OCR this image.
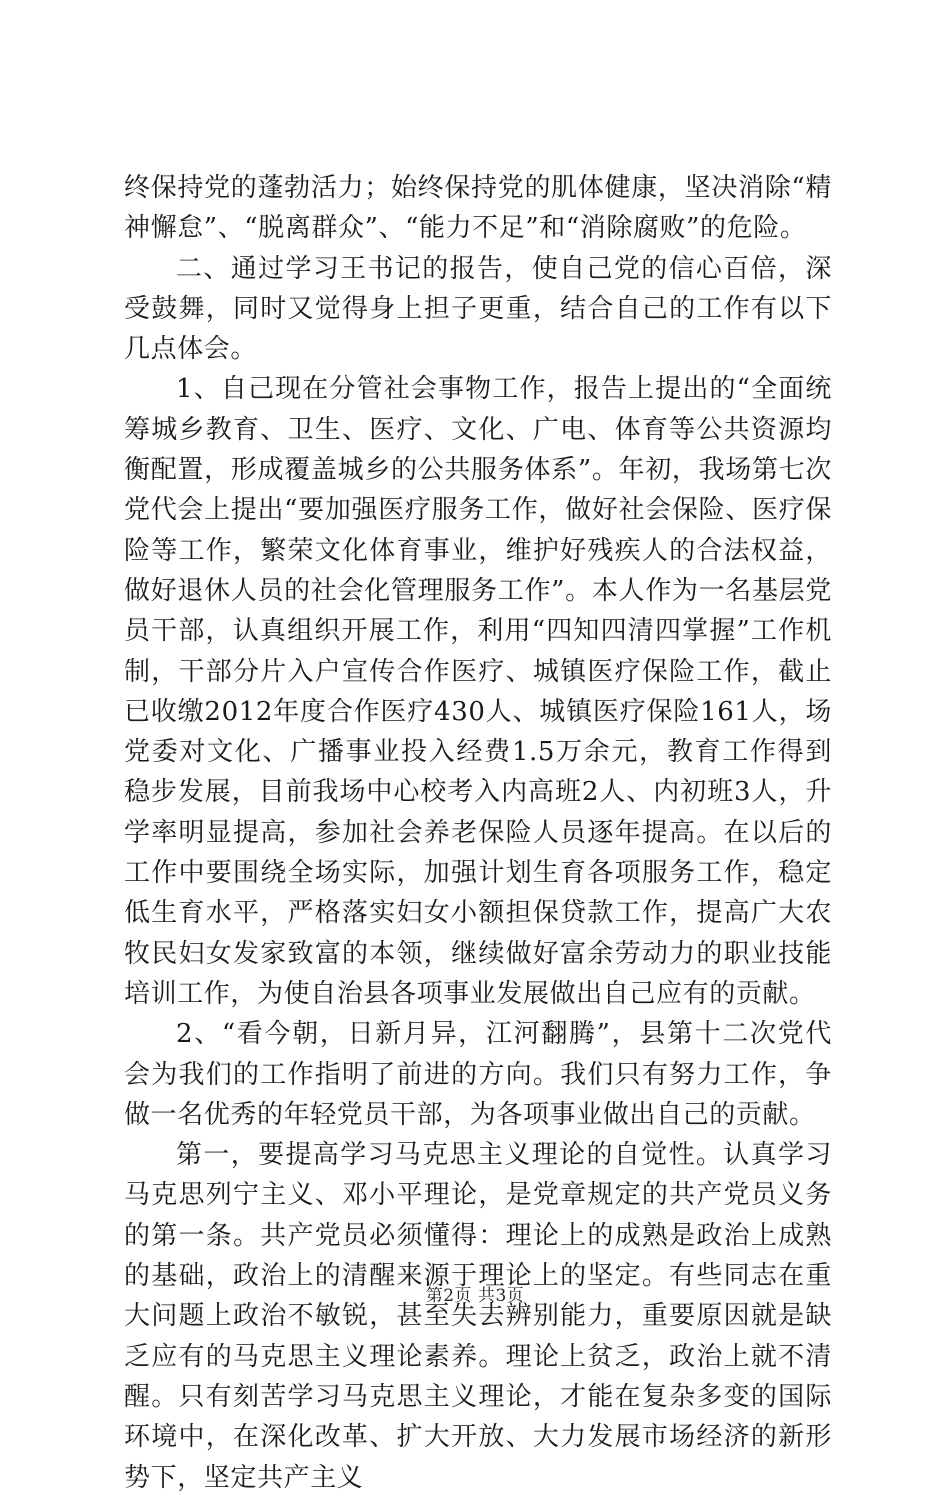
终保持党的蓬勃活力；始终保持党的肌体健康，坚决消除“精神懈怠”、“脱离群众”、“能力不足”和“消除腐败”的危险。

二、通过学习王书记的报告，使自己党的信心百倍，深受鼓舞，同时又觉得身上担子更重，结合自己的工作有以下几点体会。

1、自己现在分管社会事物工作，报告上提出的“全面统筹城乡教育、卫生、医疗、文化、广电、体育等公共资源均衡配置，形成覆盖城乡的公共服务体系”。年初，我场第七次党代会上提出“要加强医疗服务工作，做好社会保险、医疗保险等工作，繁荣文化体育事业，维护好残疾人的合法权益，做好退休人员的社会化管理服务工作”。本人作为一名基层党员干部，认真组织开展工作，利用“四知四清四掌握”工作机制，干部分片入户宣传合作医疗、城镇医疗保险工作，截止已收缴2012年度合作医疗430人、城镇医疗保险161人，场党委对文化、广播事业投入经费1.5万余元，教育工作得到稳步发展，目前我场中心校考入内高班2人、内初班3人，升学率明显提高，参加社会养老保险人员逐年提高。在以后的工作中要围绕全场实际，加强计划生育各项服务工作，稳定低生育水平，严格落实妇女小额担保贷款工作，提高广大农牧民妇女发家致富的本领，继续做好富余劳动力的职业技能培训工作，为使自治县各项事业发展做出自己应有的贡献。

2、“看今朝，日新月异，江河翻腾”，县第十二次党代会为我们的工作指明了前进的方向。我们只有努力工作，争做一名优秀的年轻党员干部，为各项事业做出自己的贡献。

第一，要提高学习马克思主义理论的自觉性。认真学习马克思列宁主义、邓小平理论，是党章规定的共产党员义务的第一条。共产党员必须懂得：理论上的成熟是政治上成熟的基础，政治上的清醒来源于理论上的坚定。有些同志在重大问题上政治不敏锐，甚至失去辨别能力，重要原因就是缺乏应有的马克思主义理论素养。理论上贫乏，政治上就不清醒。只有刻苦学习马克思主义理论，才能在复杂多变的国际环境中，在深化改革、扩大开放、大力发展市场经济的新形势下，坚定共产主义

第2页 共3页
